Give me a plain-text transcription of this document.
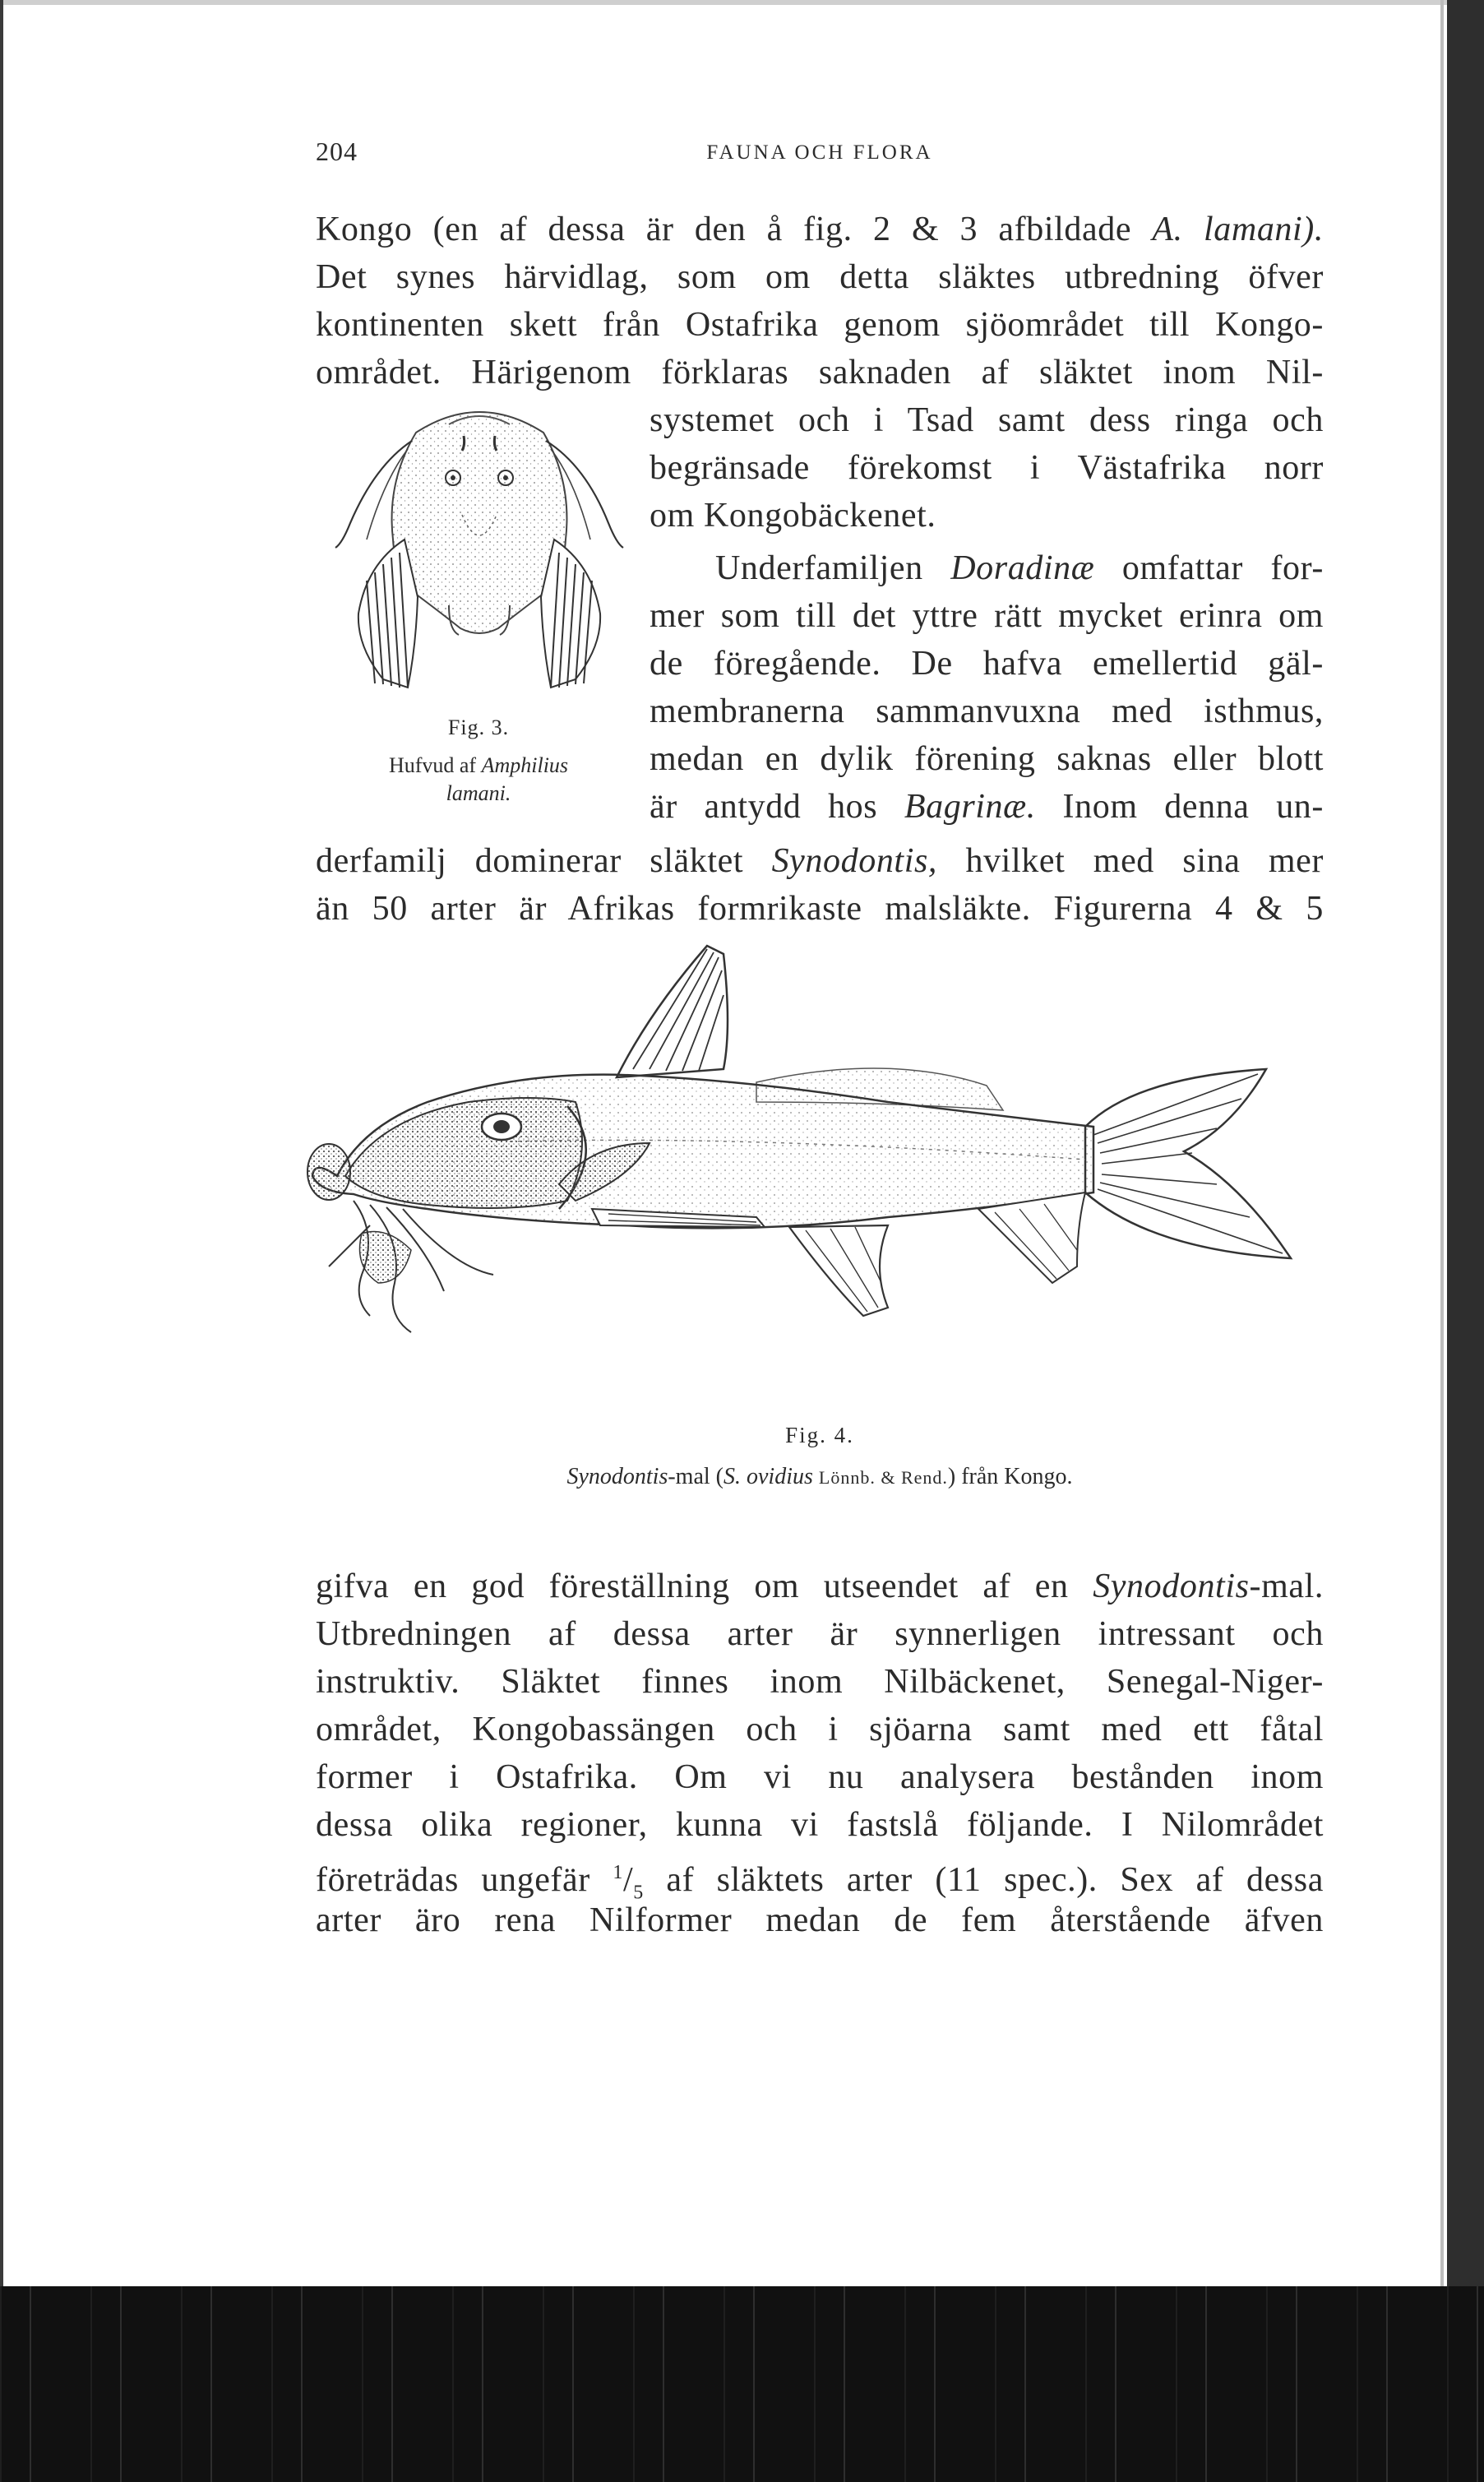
204	FAUNA OCH FLORA
Kongo (en af dessa är den å fig. 2 & 3 afbildade A. lamani).
Det synes härvidlag, som om detta släktes utbredning öfver
kontinenten skett från Ostafrika genom sjöområdet till Kongo-
området. Härigenom förklaras saknaden af släktet inom Nil-
systemet och i Tsad samt dess ringa och
begränsade förekomst i Västafrika norr
om Kongobäckenet.
Underfamiljen Doradinæ omfattar for-
mer som till det yttre rätt mycket erinra om
de föregående. De hafva emellertid gäl-
membranerna sammanvuxna med isthmus,
medan en dylik förening saknas eller blott
är antydd hos Bagrinæ. Inom denna un-
derfamilj dominerar släktet Synodontis, hvilket med sina mer
än 50 arter är Afrikas formrikaste malsläkte. Figurerna 4 & 5
Fig. 3.
Hufvud af Amphilius
lamani.
Fig. 4.
Synodontis-mal (S. ovidius Lönnb. & Rend.) från Kongo.
gifva en god föreställning om utseendet af en Synodontis-mal.
Utbredningen af dessa arter är synnerligen intressant och
instruktiv. Släktet finnes inom Nilbäckenet, Senegal-Niger-
området, Kongobassängen och i sjöarna samt med ett fåtal
former i Ostafrika. Om vi nu analysera bestånden inom
dessa olika regioner, kunna vi fastslå följande. I Nilområdet
företrädas ungefär $^1/_5$ af släktets arter (11 spec.). Sex af dessa
arter äro rena Nilformer medan de fem återstående äfven
